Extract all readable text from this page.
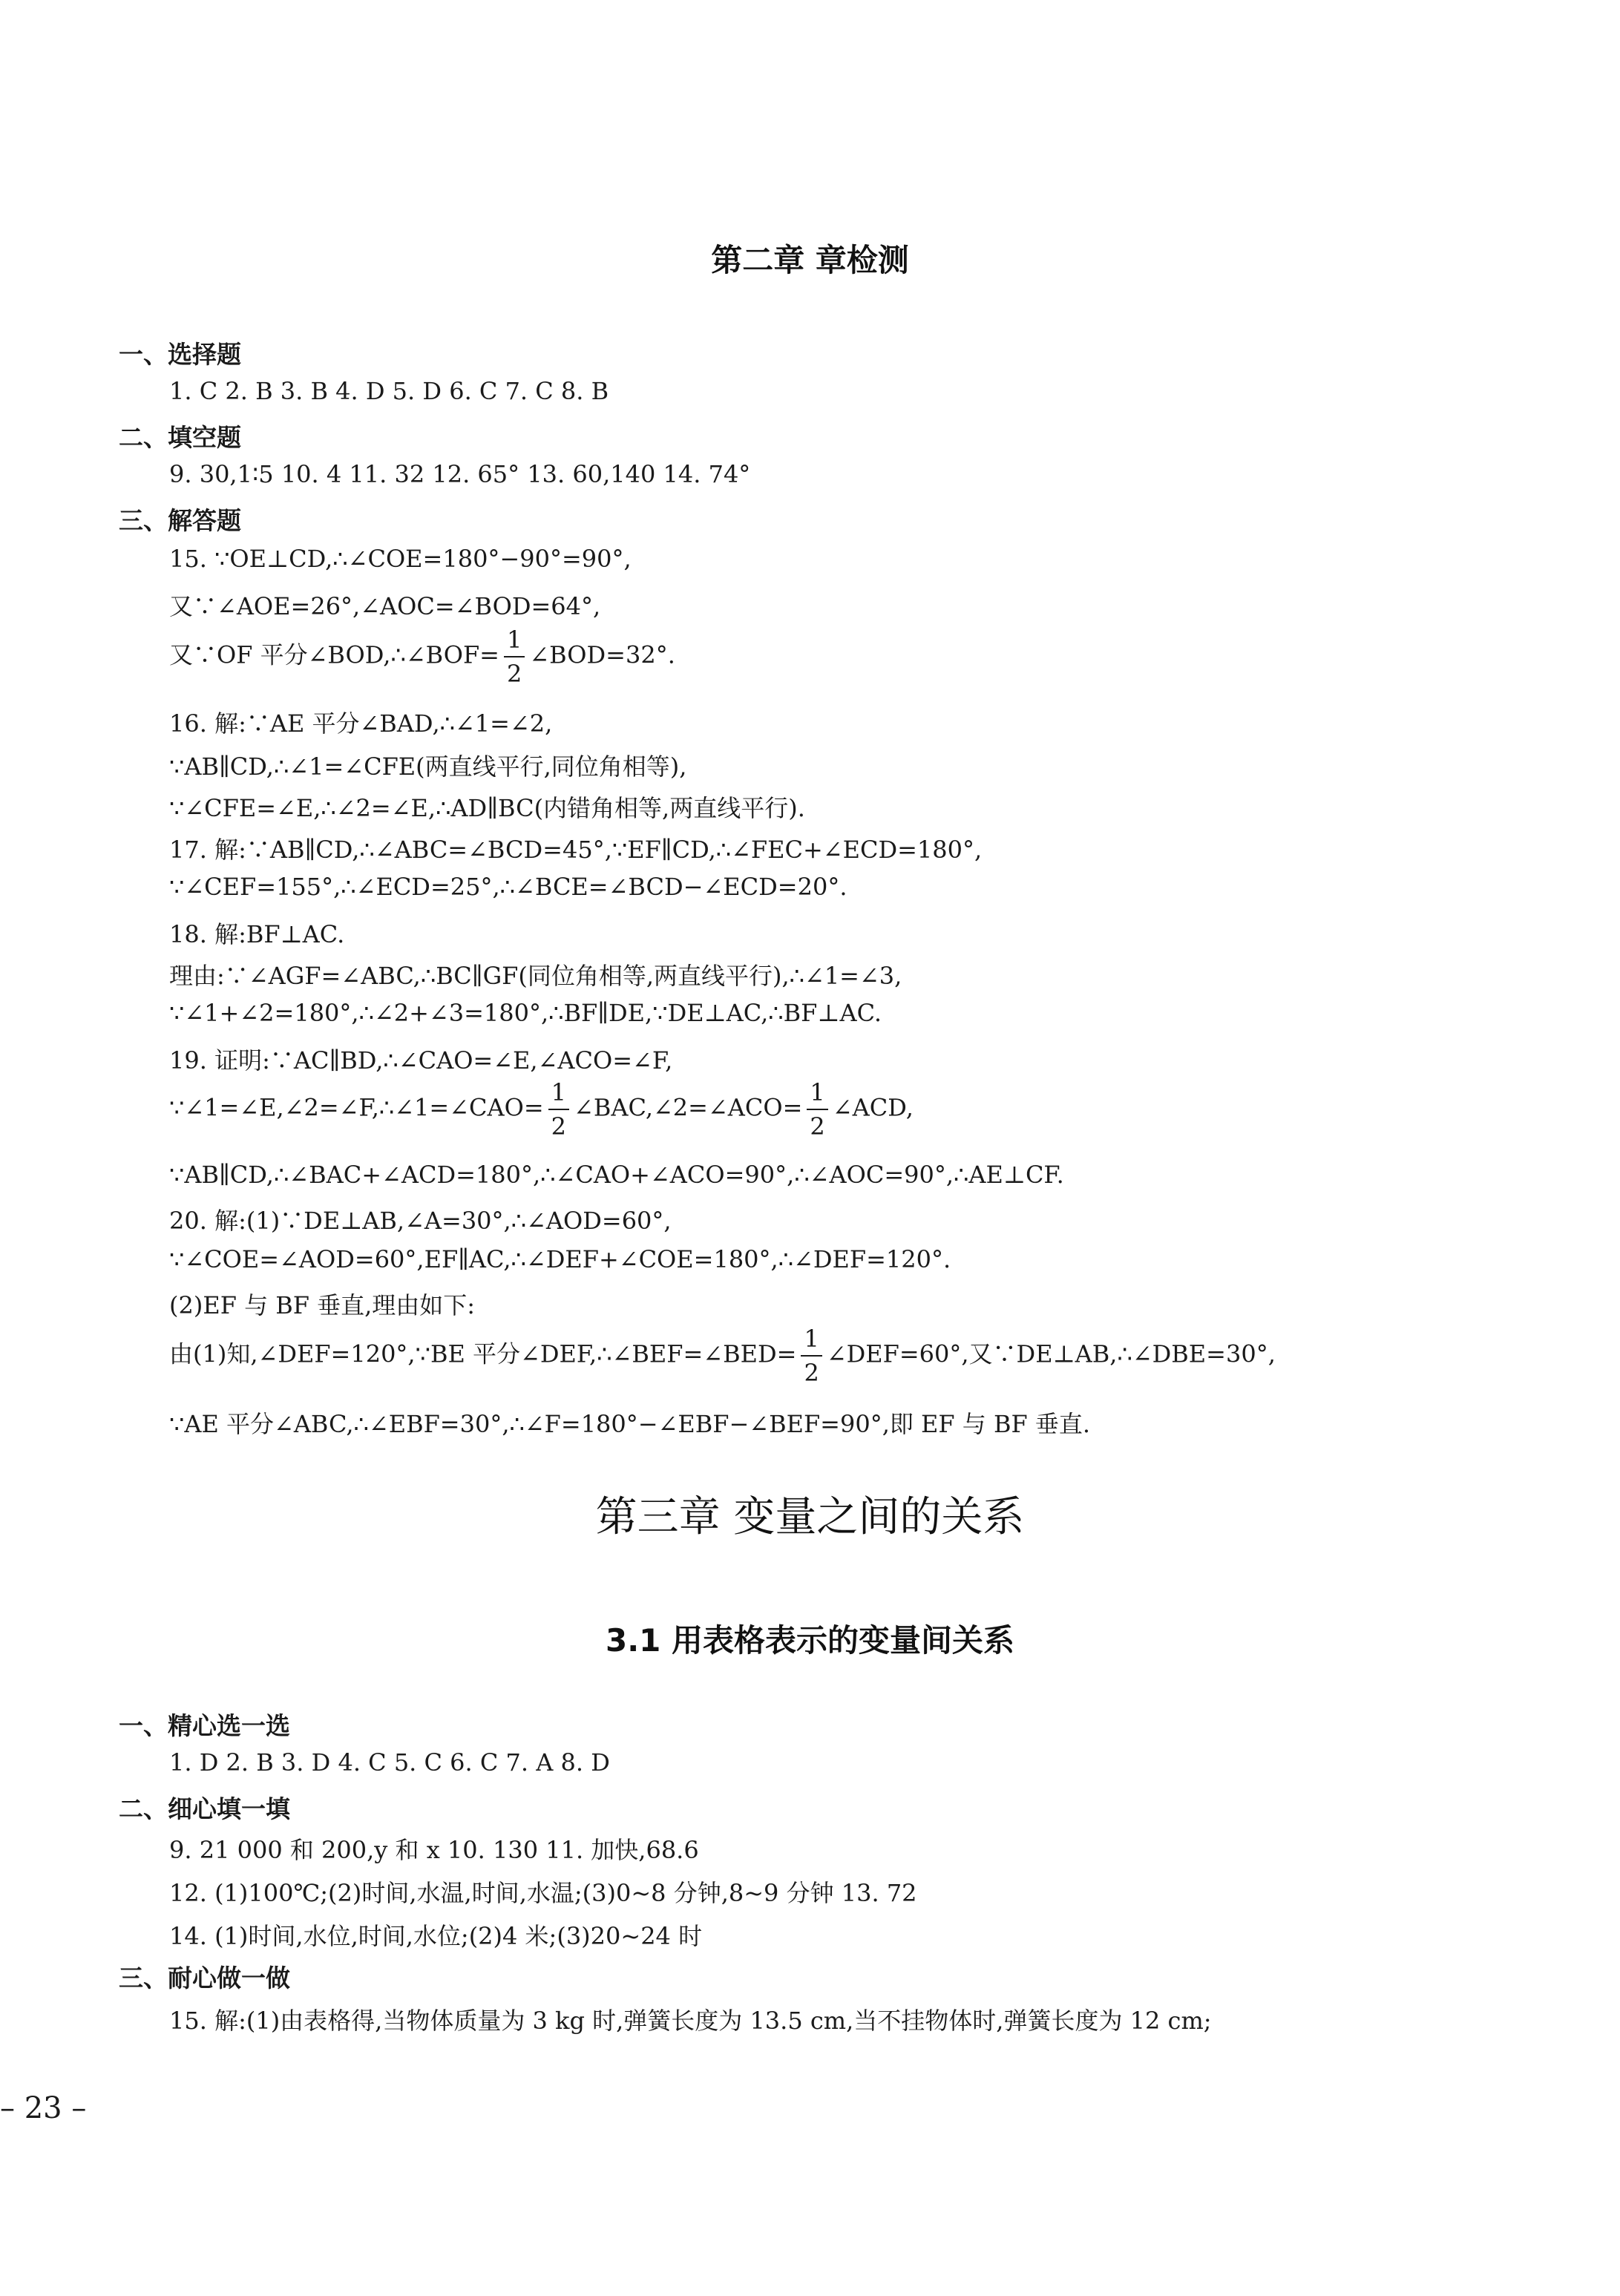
第二章 章检测
一、选择题
1. C 2. B 3. B 4. D 5. D 6. C 7. C 8. B
二、填空题
9. 30,1∶5 10. 4 11. 32 12. 65° 13. 60,140 14. 74°
三、解答题
15. ∵OE⊥CD,∴∠COE=180°−90°=90°,
又∵∠AOE=26°,∠AOC=∠BOD=64°,
又∵OF 平分∠BOD,∴∠BOF= $\frac{1}{2}$ ∠BOD=32°.
16. 解:∵AE 平分∠BAD,∴∠1=∠2,
∵AB∥CD,∴∠1=∠CFE(两直线平行,同位角相等),
∵∠CFE=∠E,∴∠2=∠E,∴AD∥BC(内错角相等,两直线平行).
17. 解:∵AB∥CD,∴∠ABC=∠BCD=45°,∵EF∥CD,∴∠FEC+∠ECD=180°,
∵∠CEF=155°,∴∠ECD=25°,∴∠BCE=∠BCD−∠ECD=20°.
18. 解:BF⊥AC.
理由:∵∠AGF=∠ABC,∴BC∥GF(同位角相等,两直线平行),∴∠1=∠3,
∵∠1+∠2=180°,∴∠2+∠3=180°,∴BF∥DE,∵DE⊥AC,∴BF⊥AC.
19. 证明:∵AC∥BD,∴∠CAO=∠E,∠ACO=∠F,
∵∠1=∠E,∠2=∠F,∴∠1=∠CAO= $\frac{1}{2}$ ∠BAC,∠2=∠ACO= $\frac{1}{2}$ ∠ACD,
∵AB∥CD,∴∠BAC+∠ACD=180°,∴∠CAO+∠ACO=90°,∴∠AOC=90°,∴AE⊥CF.
20. 解:(1)∵DE⊥AB,∠A=30°,∴∠AOD=60°,
∵∠COE=∠AOD=60°,EF∥AC,∴∠DEF+∠COE=180°,∴∠DEF=120°.
(2)EF 与 BF 垂直,理由如下:
由(1)知,∠DEF=120°,∵BE 平分∠DEF,∴∠BEF=∠BED= $\frac{1}{2}$ ∠DEF=60°,又∵DE⊥AB,∴∠DBE=30°,
∵AE 平分∠ABC,∴∠EBF=30°,∴∠F=180°−∠EBF−∠BEF=90°,即 EF 与 BF 垂直.
第三章 变量之间的关系
3.1 用表格表示的变量间关系
一、精心选一选
1. D 2. B 3. D 4. C 5. C 6. C 7. A 8. D
二、细心填一填
9. 21 000 和 200,y 和 x 10. 130 11. 加快,68.6
12. (1)100℃;(2)时间,水温,时间,水温;(3)0~8 分钟,8~9 分钟 13. 72
14. (1)时间,水位,时间,水位;(2)4 米;(3)20~24 时
三、耐心做一做
15. 解:(1)由表格得,当物体质量为 3 kg 时,弹簧长度为 13.5 cm,当不挂物体时,弹簧长度为 12 cm;
– 23 –
